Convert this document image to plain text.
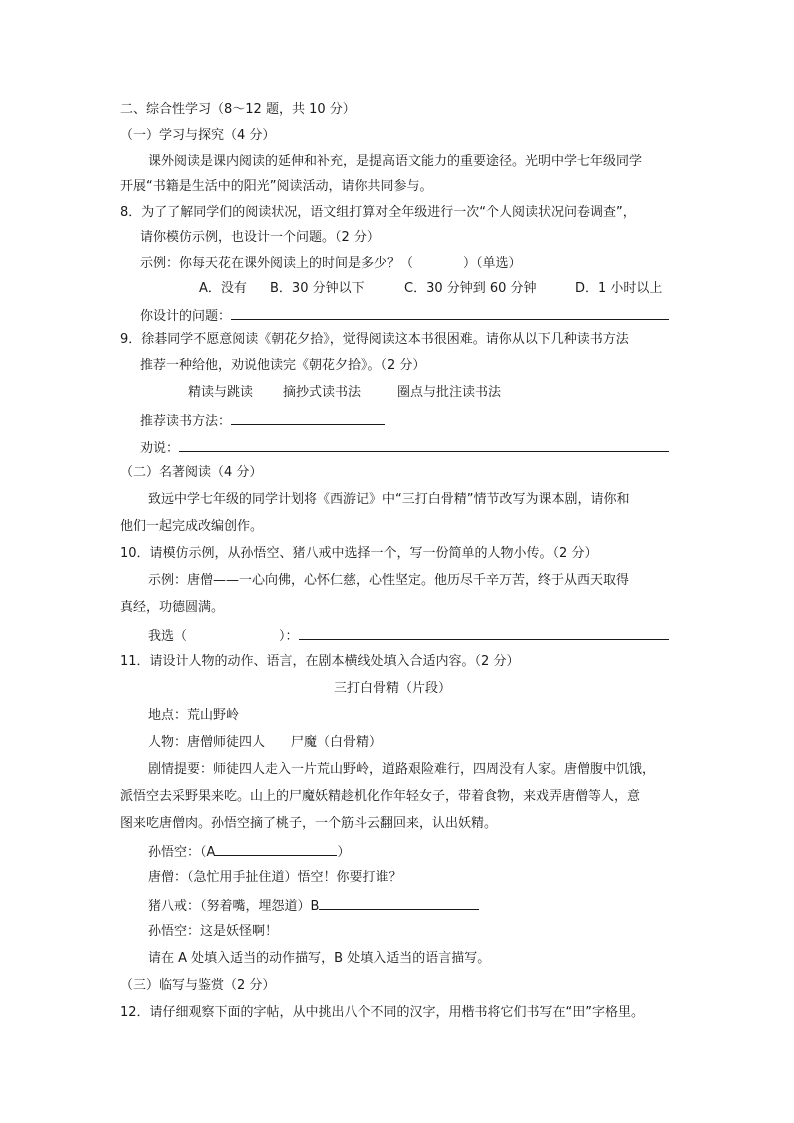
二、综合性学习（8～12 题，共 10 分）
（一）学习与探究（4 分）
课外阅读是课内阅读的延伸和补充，是提高语文能力的重要途径。光明中学七年级同学
开展“书籍是生活中的阳光”阅读活动，请你共同参与。
8．为了了解同学们的阅读状况，语文组打算对全年级进行一次“个人阅读状况问卷调查”，
请你模仿示例，也设计一个问题。（2 分）
示例：你每天花在课外阅读上的时间是多少？（	）（单选）
A．没有 B．30 分钟以下	C．30 分钟到 60 分钟	D．1 小时以上
你设计的问题：
9．徐碁同学不愿意阅读《朝花夕拾》，觉得阅读这本书很困难。请你从以下几种读书方法
推荐一种给他，劝说他读完《朝花夕拾》。（2 分）
精读与跳读 摘抄式读书法	圈点与批注读书法
推荐读书方法：
劝说：
（二）名著阅读（4 分）
致远中学七年级的同学计划将《西游记》中“三打白骨精”情节改写为课本剧，请你和
他们一起完成改编创作。
10．请模仿示例，从孙悟空、猪八戒中选择一个，写一份简单的人物小传。（2 分）
示例：唐僧——一心向佛，心怀仁慈，心性坚定。他历尽千辛万苦，终于从西天取得
真经，功德圆满。
我选（	）：
11．请设计人物的动作、语言，在剧本横线处填入合适内容。（2 分）
三打白骨精（片段）
地点：荒山野岭
人物：唐僧师徒四人　　尸魔（白骨精）
剧情提要：师徒四人走入一片荒山野岭，道路艰险难行，四周没有人家。唐僧腹中饥饿，
派悟空去采野果来吃。山上的尸魔妖精趁机化作年轻女子，带着食物，来戏弄唐僧等人，意
图来吃唐僧肉。孙悟空摘了桃子，一个筋斗云翻回来，认出妖精。
孙悟空：（A	）
唐僧：（急忙用手扯住道）悟空！你要打谁？
猪八戒：（努着嘴，埋怨道）B
孙悟空：这是妖怪啊！
请在 A 处填入适当的动作描写，B 处填入适当的语言描写。
（三）临写与鉴赏（2 分）
12．请仔细观察下面的字帖，从中挑出八个不同的汉字，用楷书将它们书写在“田”字格里。
